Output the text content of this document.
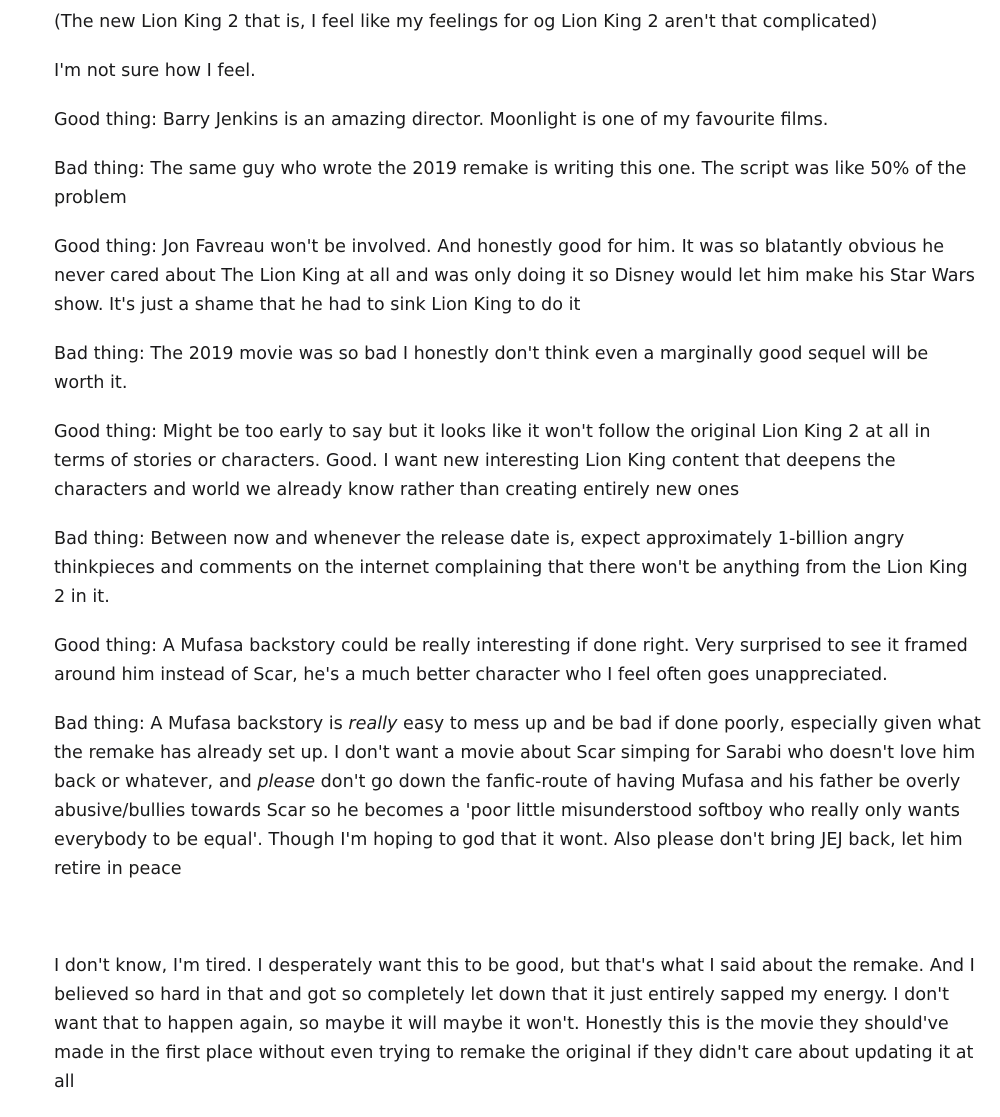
(The new Lion King 2 that is, I feel like my feelings for og Lion King 2 aren't that complicated)

I'm not sure how I feel.

Good thing: Barry Jenkins is an amazing director. Moonlight is one of my favourite films.

Bad thing: The same guy who wrote the 2019 remake is writing this one. The script was like 50% of the problem

Good thing: Jon Favreau won't be involved. And honestly good for him. It was so blatantly obvious he never cared about The Lion King at all and was only doing it so Disney would let him make his Star Wars show. It's just a shame that he had to sink Lion King to do it

Bad thing: The 2019 movie was so bad I honestly don't think even a marginally good sequel will be worth it.

Good thing: Might be too early to say but it looks like it won't follow the original Lion King 2 at all in terms of stories or characters. Good. I want new interesting Lion King content that deepens the characters and world we already know rather than creating entirely new ones

Bad thing: Between now and whenever the release date is, expect approximately 1-billion angry thinkpieces and comments on the internet complaining that there won't be anything from the Lion King 2 in it.

Good thing: A Mufasa backstory could be really interesting if done right. Very surprised to see it framed around him instead of Scar, he's a much better character who I feel often goes unappreciated.

Bad thing: A Mufasa backstory is really easy to mess up and be bad if done poorly, especially given what the remake has already set up. I don't want a movie about Scar simping for Sarabi who doesn't love him back or whatever, and please don't go down the fanfic-route of having Mufasa and his father be overly abusive/bullies towards Scar so he becomes a 'poor little misunderstood softboy who really only wants everybody to be equal'. Though I'm hoping to god that it wont. Also please don't bring JEJ back, let him retire in peace

I don't know, I'm tired. I desperately want this to be good, but that's what I said about the remake. And I believed so hard in that and got so completely let down that it just entirely sapped my energy. I don't want that to happen again, so maybe it will maybe it won't. Honestly this is the movie they should've made in the first place without even trying to remake the original if they didn't care about updating it at all
